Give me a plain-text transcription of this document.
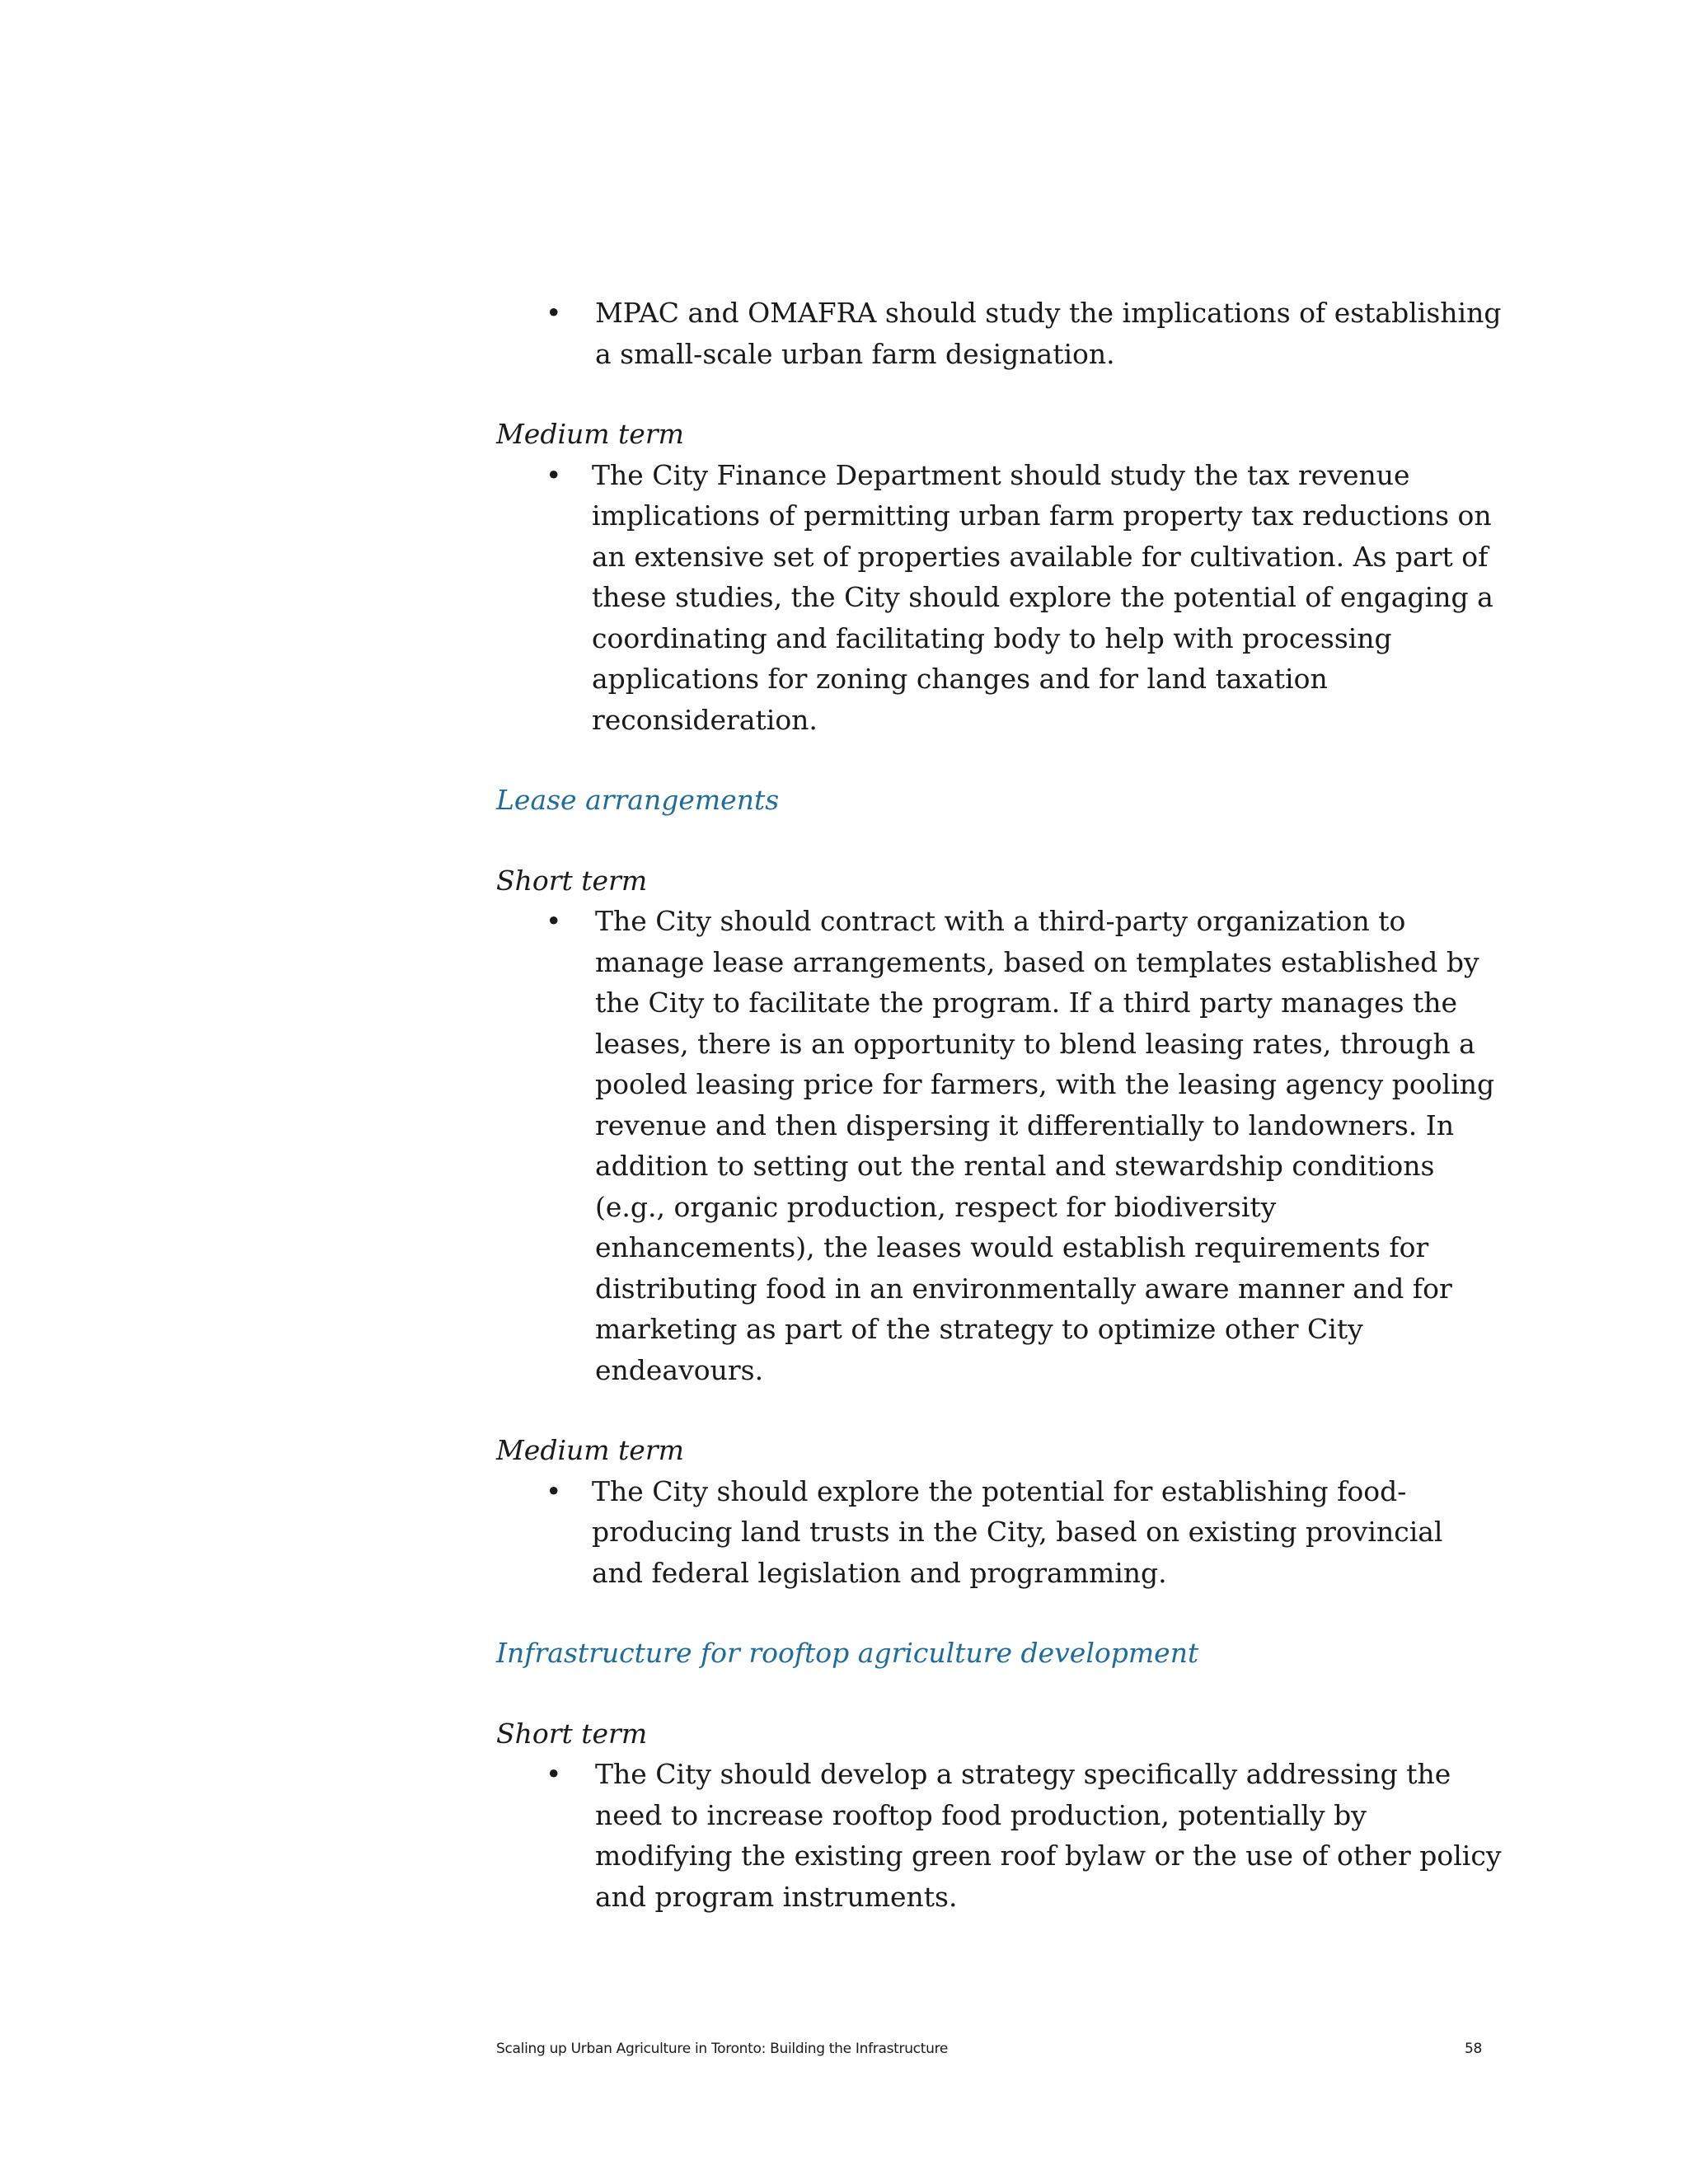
•	MPAC and OMAFRA should study the implications of establishing a small-scale urban farm designation.

Medium term

•	The City Finance Department should study the tax revenue implications of permitting urban farm property tax reductions on an extensive set of properties available for cultivation. As part of these studies, the City should explore the potential of engaging a coordinating and facilitating body to help with processing applications for zoning changes and for land taxation reconsideration.

Lease arrangements

Short term

•	The City should contract with a third-party organization to manage lease arrangements, based on templates established by the City to facilitate the program. If a third party manages the leases, there is an opportunity to blend leasing rates, through a pooled leasing price for farmers, with the leasing agency pooling revenue and then dispersing it differentially to landowners. In addition to setting out the rental and stewardship conditions (e.g., organic production, respect for biodiversity enhancements), the leases would establish requirements for distributing food in an environmentally aware manner and for marketing as part of the strategy to optimize other City endeavours.

Medium term

•	The City should explore the potential for establishing food-producing land trusts in the City, based on existing provincial and federal legislation and programming.

Infrastructure for rooftop agriculture development

Short term

•	The City should develop a strategy specifically addressing the need to increase rooftop food production, potentially by modifying the existing green roof bylaw or the use of other policy and program instruments.

Scaling up Urban Agriculture in Toronto: Building the Infrastructure	58
